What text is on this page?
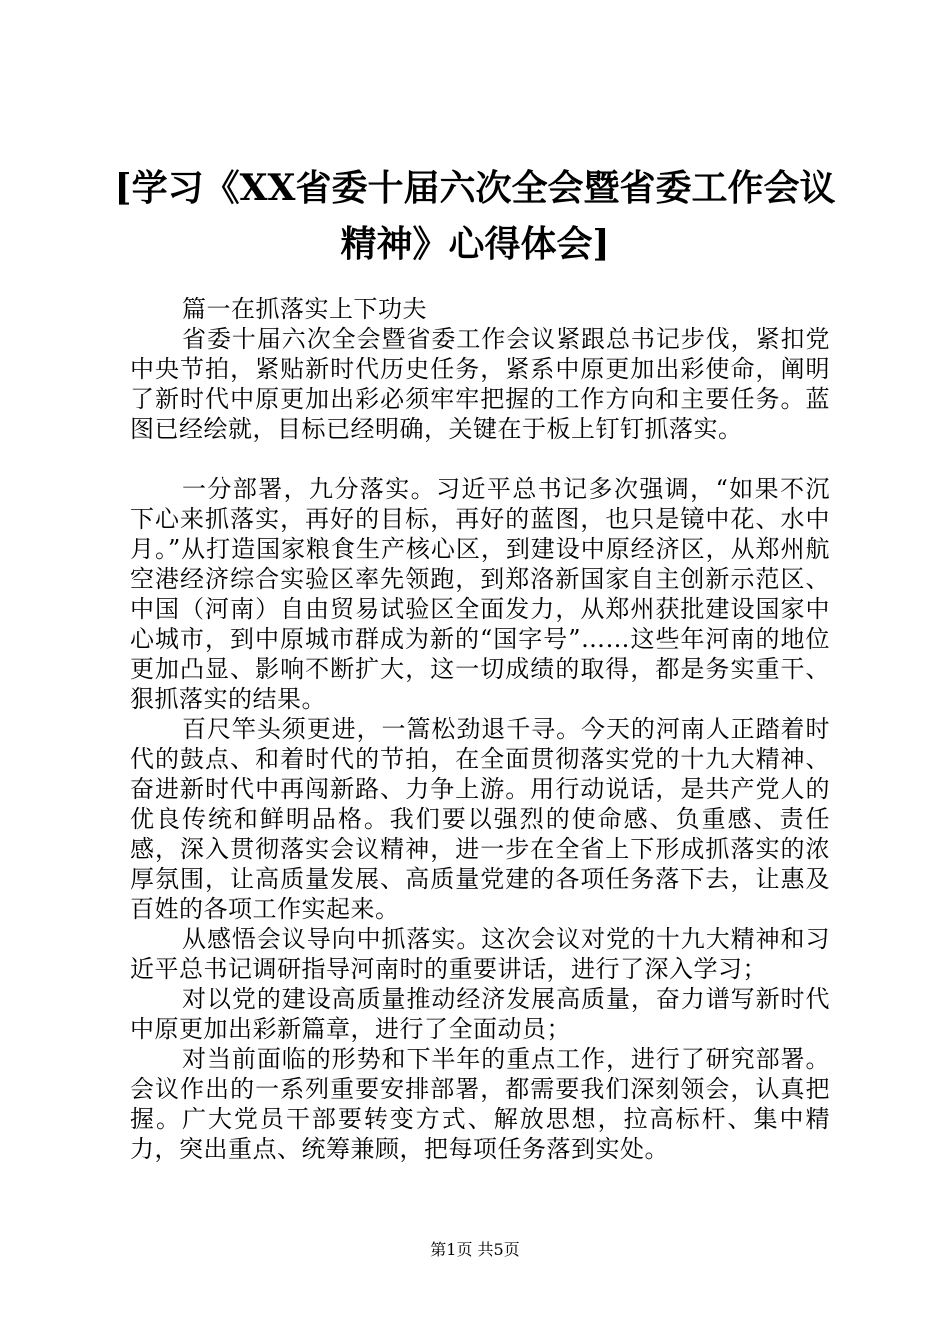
[学习《XX省委十届六次全会暨省委工作会议
精神》心得体会]

篇一在抓落实上下功夫

省委十届六次全会暨省委工作会议紧跟总书记步伐，紧扣党中央节拍，紧贴新时代历史任务，紧系中原更加出彩使命，阐明了新时代中原更加出彩必须牢牢把握的工作方向和主要任务。蓝图已经绘就，目标已经明确，关键在于板上钉钉抓落实。

一分部署，九分落实。习近平总书记多次强调，“如果不沉下心来抓落实，再好的目标，再好的蓝图，也只是镜中花、水中月。”从打造国家粮食生产核心区，到建设中原经济区，从郑州航空港经济综合实验区率先领跑，到郑洛新国家自主创新示范区、中国（河南）自由贸易试验区全面发力，从郑州获批建设国家中心城市，到中原城市群成为新的“国字号”……这些年河南的地位更加凸显、影响不断扩大，这一切成绩的取得，都是务实重干、狠抓落实的结果。

百尺竿头须更进，一篙松劲退千寻。今天的河南人正踏着时代的鼓点、和着时代的节拍，在全面贯彻落实党的十九大精神、奋进新时代中再闯新路、力争上游。用行动说话，是共产党人的优良传统和鲜明品格。我们要以强烈的使命感、负重感、责任感，深入贯彻落实会议精神，进一步在全省上下形成抓落实的浓厚氛围，让高质量发展、高质量党建的各项任务落下去，让惠及百姓的各项工作实起来。

从感悟会议导向中抓落实。这次会议对党的十九大精神和习近平总书记调研指导河南时的重要讲话，进行了深入学习；

对以党的建设高质量推动经济发展高质量，奋力谱写新时代中原更加出彩新篇章，进行了全面动员；

对当前面临的形势和下半年的重点工作，进行了研究部署。会议作出的一系列重要安排部署，都需要我们深刻领会，认真把握。广大党员干部要转变方式、解放思想，拉高标杆、集中精力，突出重点、统筹兼顾，把每项任务落到实处。

第1页 共5页
